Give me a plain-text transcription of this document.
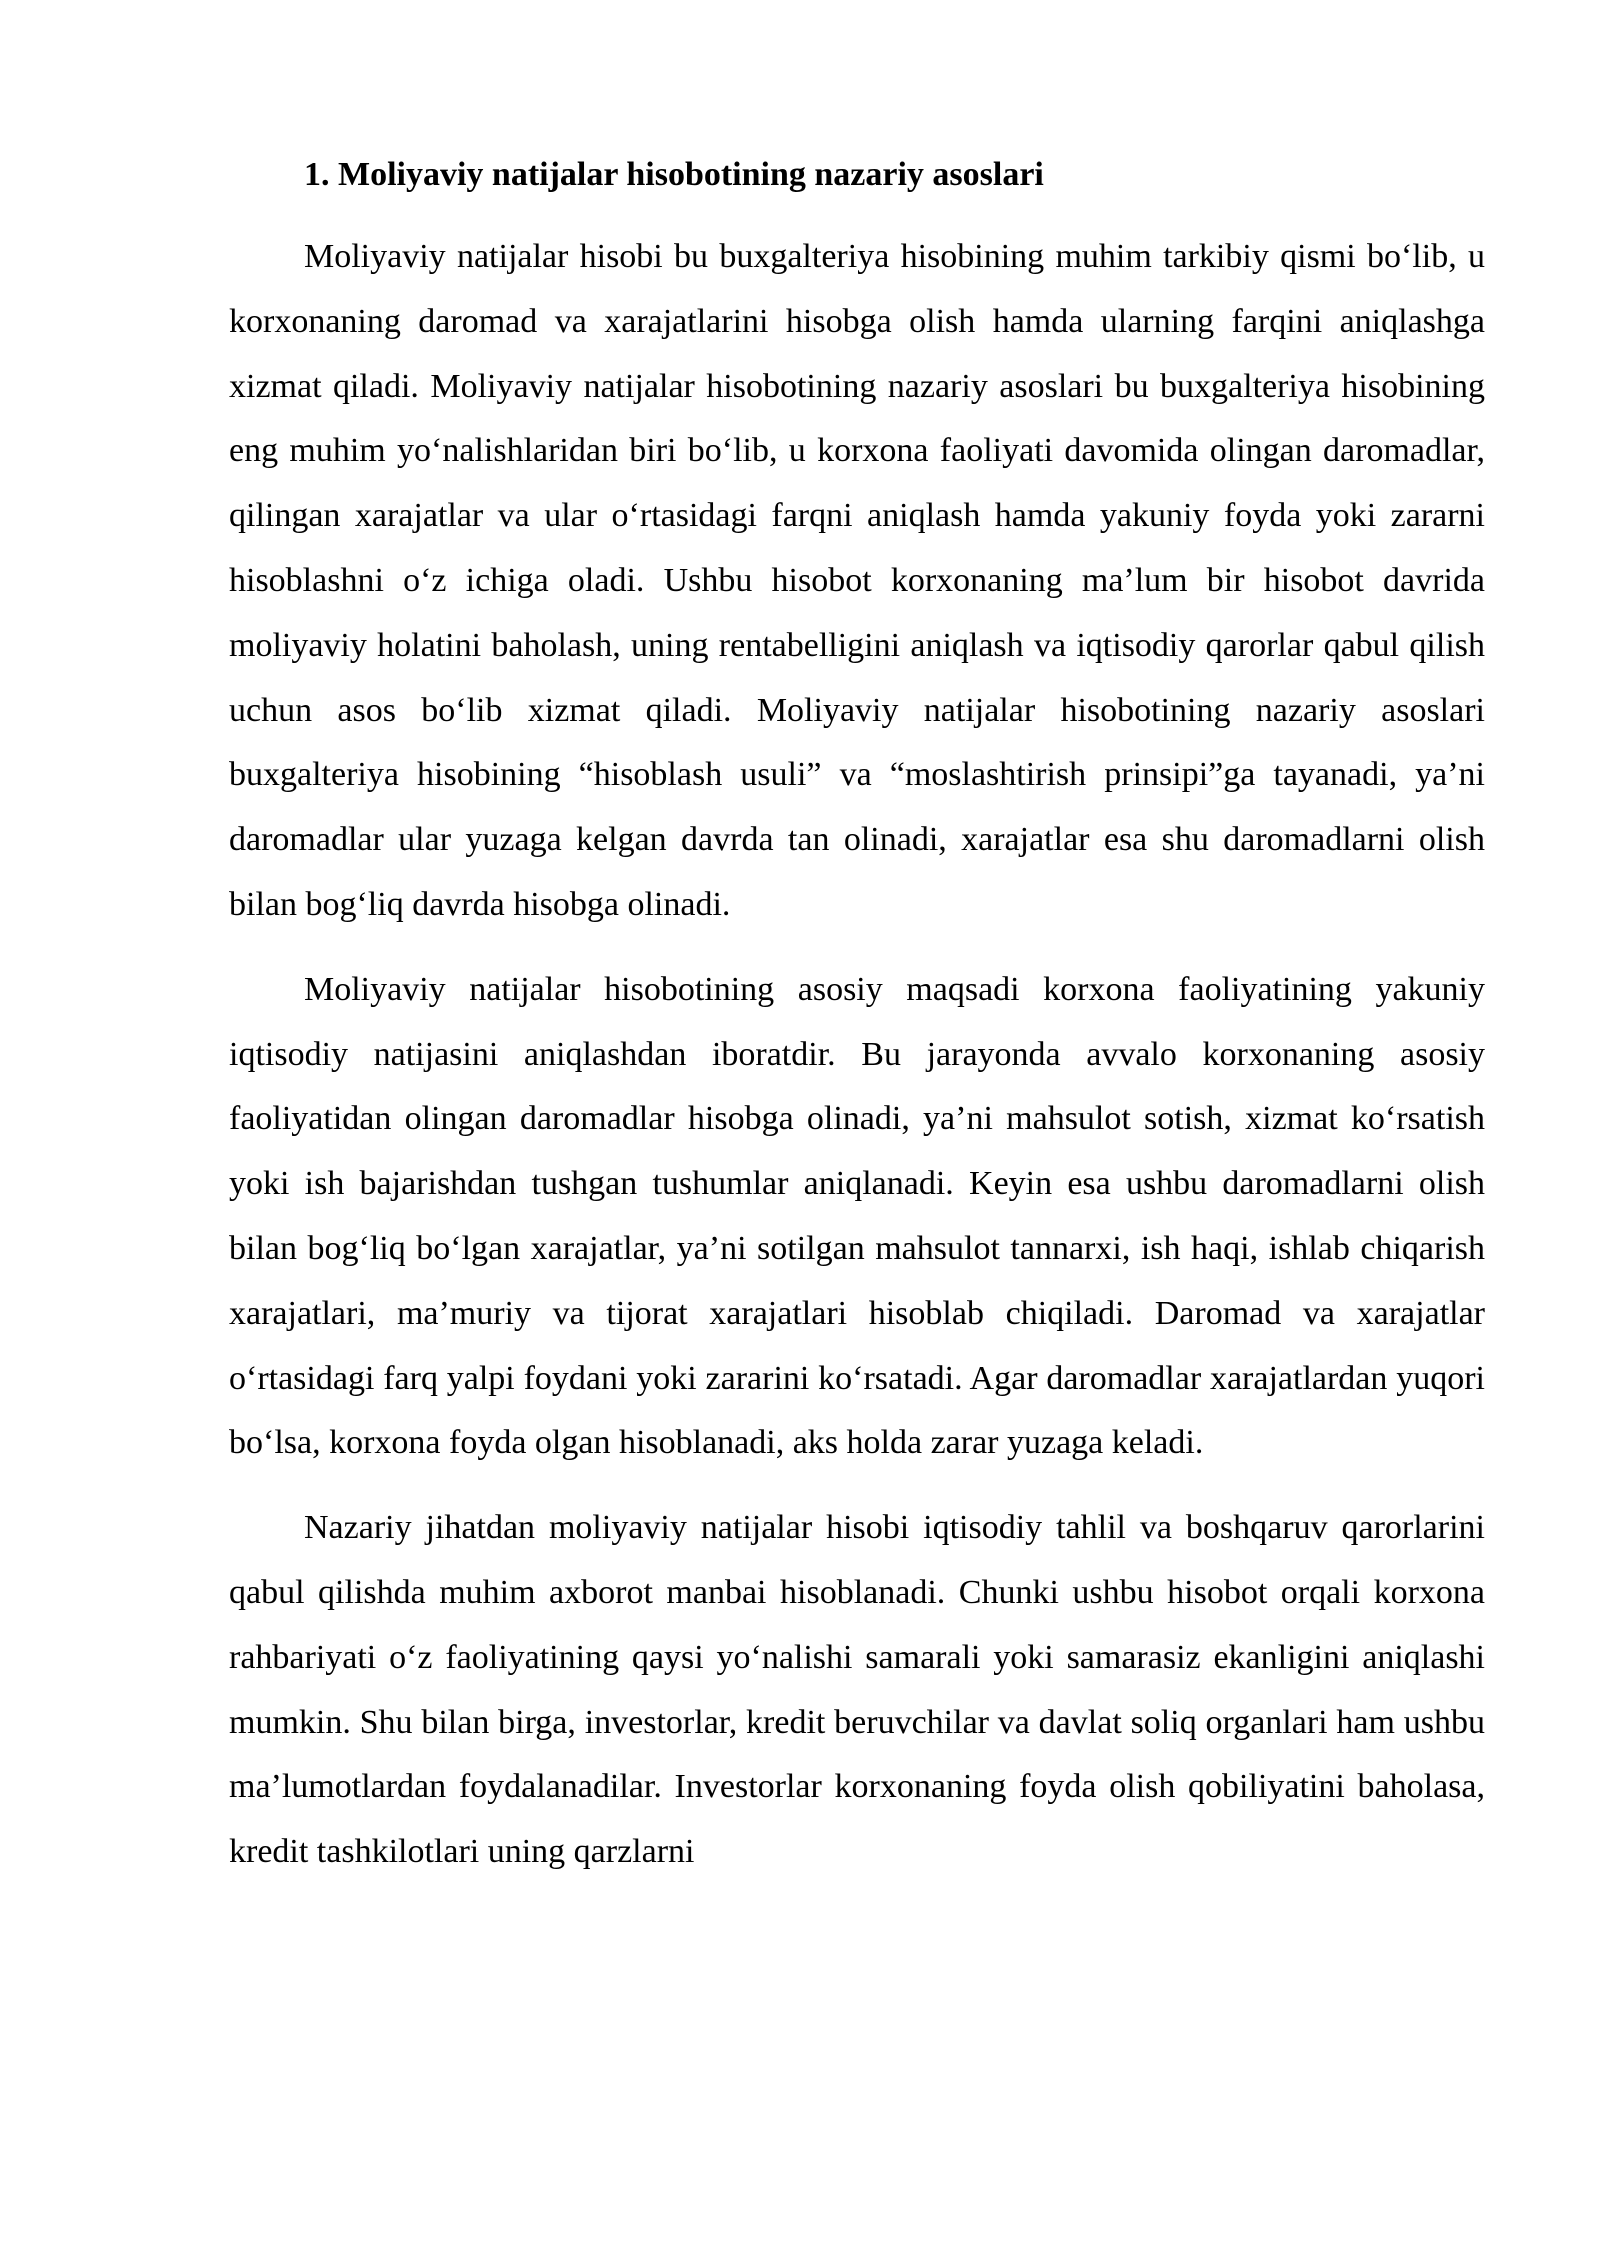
1. Moliyaviy natijalar hisobotining nazariy asoslari

Moliyaviy natijalar hisobi bu buxgalteriya hisobining muhim tarkibiy qismi bo‘lib, u korxonaning daromad va xarajatlarini hisobga olish hamda ularning farqini aniqlashga xizmat qiladi. Moliyaviy natijalar hisobotining nazariy asoslari bu buxgalteriya hisobining eng muhim yo‘nalishlaridan biri bo‘lib, u korxona faoliyati davomida olingan daromadlar, qilingan xarajatlar va ular o‘rtasidagi farqni aniqlash hamda yakuniy foyda yoki zararni hisoblashni o‘z ichiga oladi. Ushbu hisobot korxonaning ma’lum bir hisobot davrida moliyaviy holatini baholash, uning rentabelligini aniqlash va iqtisodiy qarorlar qabul qilish uchun asos bo‘lib xizmat qiladi. Moliyaviy natijalar hisobotining nazariy asoslari buxgalteriya hisobining “hisoblash usuli” va “moslashtirish prinsipi”ga tayanadi, ya’ni daromadlar ular yuzaga kelgan davrda tan olinadi, xarajatlar esa shu daromadlarni olish bilan bog‘liq davrda hisobga olinadi.

Moliyaviy natijalar hisobotining asosiy maqsadi korxona faoliyatining yakuniy iqtisodiy natijasini aniqlashdan iboratdir. Bu jarayonda avvalo korxonaning asosiy faoliyatidan olingan daromadlar hisobga olinadi, ya’ni mahsulot sotish, xizmat ko‘rsatish yoki ish bajarishdan tushgan tushumlar aniqlanadi. Keyin esa ushbu daromadlarni olish bilan bog‘liq bo‘lgan xarajatlar, ya’ni sotilgan mahsulot tannarxi, ish haqi, ishlab chiqarish xarajatlari, ma’muriy va tijorat xarajatlari hisoblab chiqiladi. Daromad va xarajatlar o‘rtasidagi farq yalpi foydani yoki zararini ko‘rsatadi. Agar daromadlar xarajatlardan yuqori bo‘lsa, korxona foyda olgan hisoblanadi, aks holda zarar yuzaga keladi.

Nazariy jihatdan moliyaviy natijalar hisobi iqtisodiy tahlil va boshqaruv qarorlarini qabul qilishda muhim axborot manbai hisoblanadi. Chunki ushbu hisobot orqali korxona rahbariyati o‘z faoliyatining qaysi yo‘nalishi samarali yoki samarasiz ekanligini aniqlashi mumkin. Shu bilan birga, investorlar, kredit beruvchilar va davlat soliq organlari ham ushbu ma’lumotlardan foydalanadilar. Investorlar korxonaning foyda olish qobiliyatini baholasa, kredit tashkilotlari uning qarzlarni
